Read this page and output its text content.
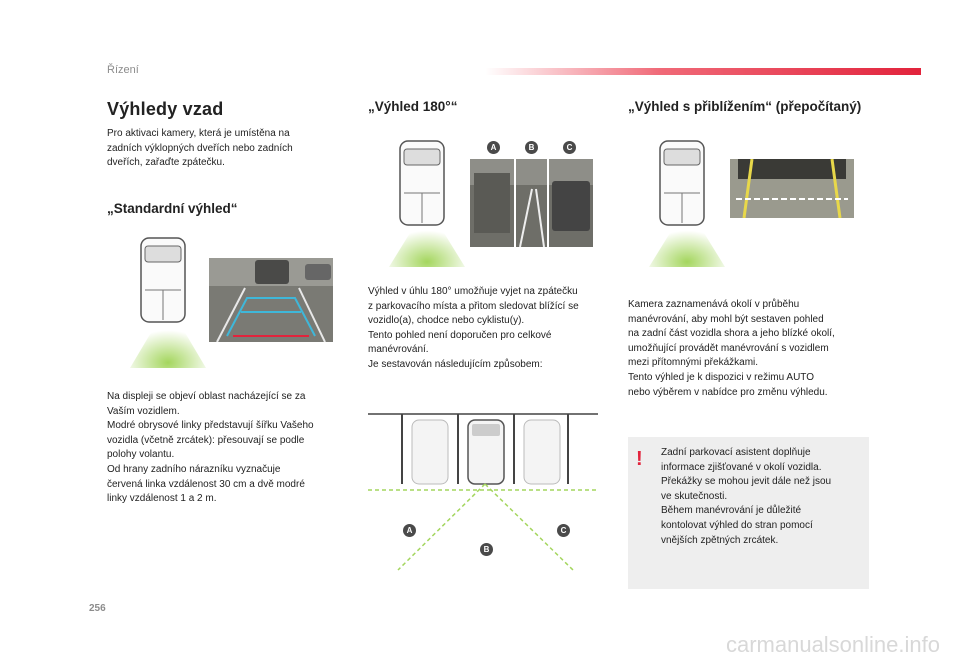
Řízení
Výhledy vzad

Pro aktivaci kamery, která je umístěna na
zadních výklopných dveřích nebo zadních
dveřích, zařaďte zpátečku.

„Standardní výhled“

Na displeji se objeví oblast nacházející se za
Vaším vozidlem.
Modré obrysové linky představují šířku Vašeho
vozidla (včetně zrcátek): přesouvají se podle
polohy volantu.
Od hrany zadního nárazníku vyznačuje
červená linka vzdálenost 30 cm a dvě modré
linky vzdálenost 1 a 2 m.

„Výhled 180°“
A	B	C

Výhled v úhlu 180° umožňuje vyjet na zpátečku
z parkovacího místa a přitom sledovat blížící se
vozidlo(a), chodce nebo cyklistu(y).
Tento pohled není doporučen pro celkové
manévrování.
Je sestavován následujícím způsobem:

A
B
C
„Výhled s přiblížením“ (přepočítaný)

Kamera zaznamenává okolí v průběhu
manévrování, aby mohl být sestaven pohled
na zadní část vozidla shora a jeho blízké okolí,
umožňující provádět manévrování s vozidlem
mezi přítomnými překážkami.
Tento výhled je k dispozici v režimu AUTO
nebo výběrem v nabídce pro změnu výhledu.

! Zadní parkovací asistent doplňuje
informace zjišťované v okolí vozidla.
Překážky se mohou jevit dále než jsou
ve skutečnosti.
Během manévrování je důležité
kontolovat výhled do stran pomocí
vnějších zpětných zrcátek.

256
carmanualsonline.info
